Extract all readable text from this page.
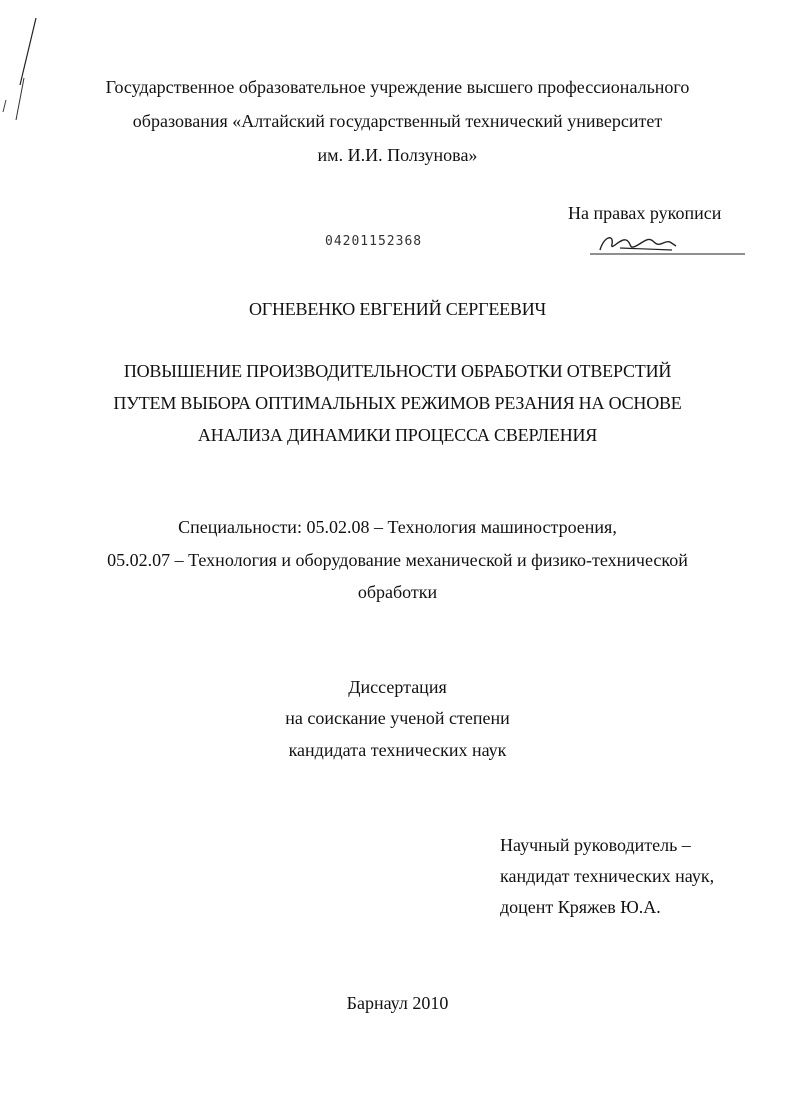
Государственное образовательное учреждение высшего профессионального
образования «Алтайский государственный технический университет
им. И.И. Ползунова»
На правах рукописи
04201152368
ОГНЕВЕНКО ЕВГЕНИЙ СЕРГЕЕВИЧ
ПОВЫШЕНИЕ ПРОИЗВОДИТЕЛЬНОСТИ ОБРАБОТКИ ОТВЕРСТИЙ
ПУТЕМ ВЫБОРА ОПТИМАЛЬНЫХ РЕЖИМОВ РЕЗАНИЯ НА ОСНОВЕ
АНАЛИЗА ДИНАМИКИ ПРОЦЕССА СВЕРЛЕНИЯ
Специальности: 05.02.08 – Технология машиностроения,
05.02.07 – Технология и оборудование механической и физико-технической
обработки
Диссертация
на соискание ученой степени
кандидата технических наук
Научный руководитель –
кандидат технических наук,
доцент Кряжев Ю.А.
Барнаул 2010
